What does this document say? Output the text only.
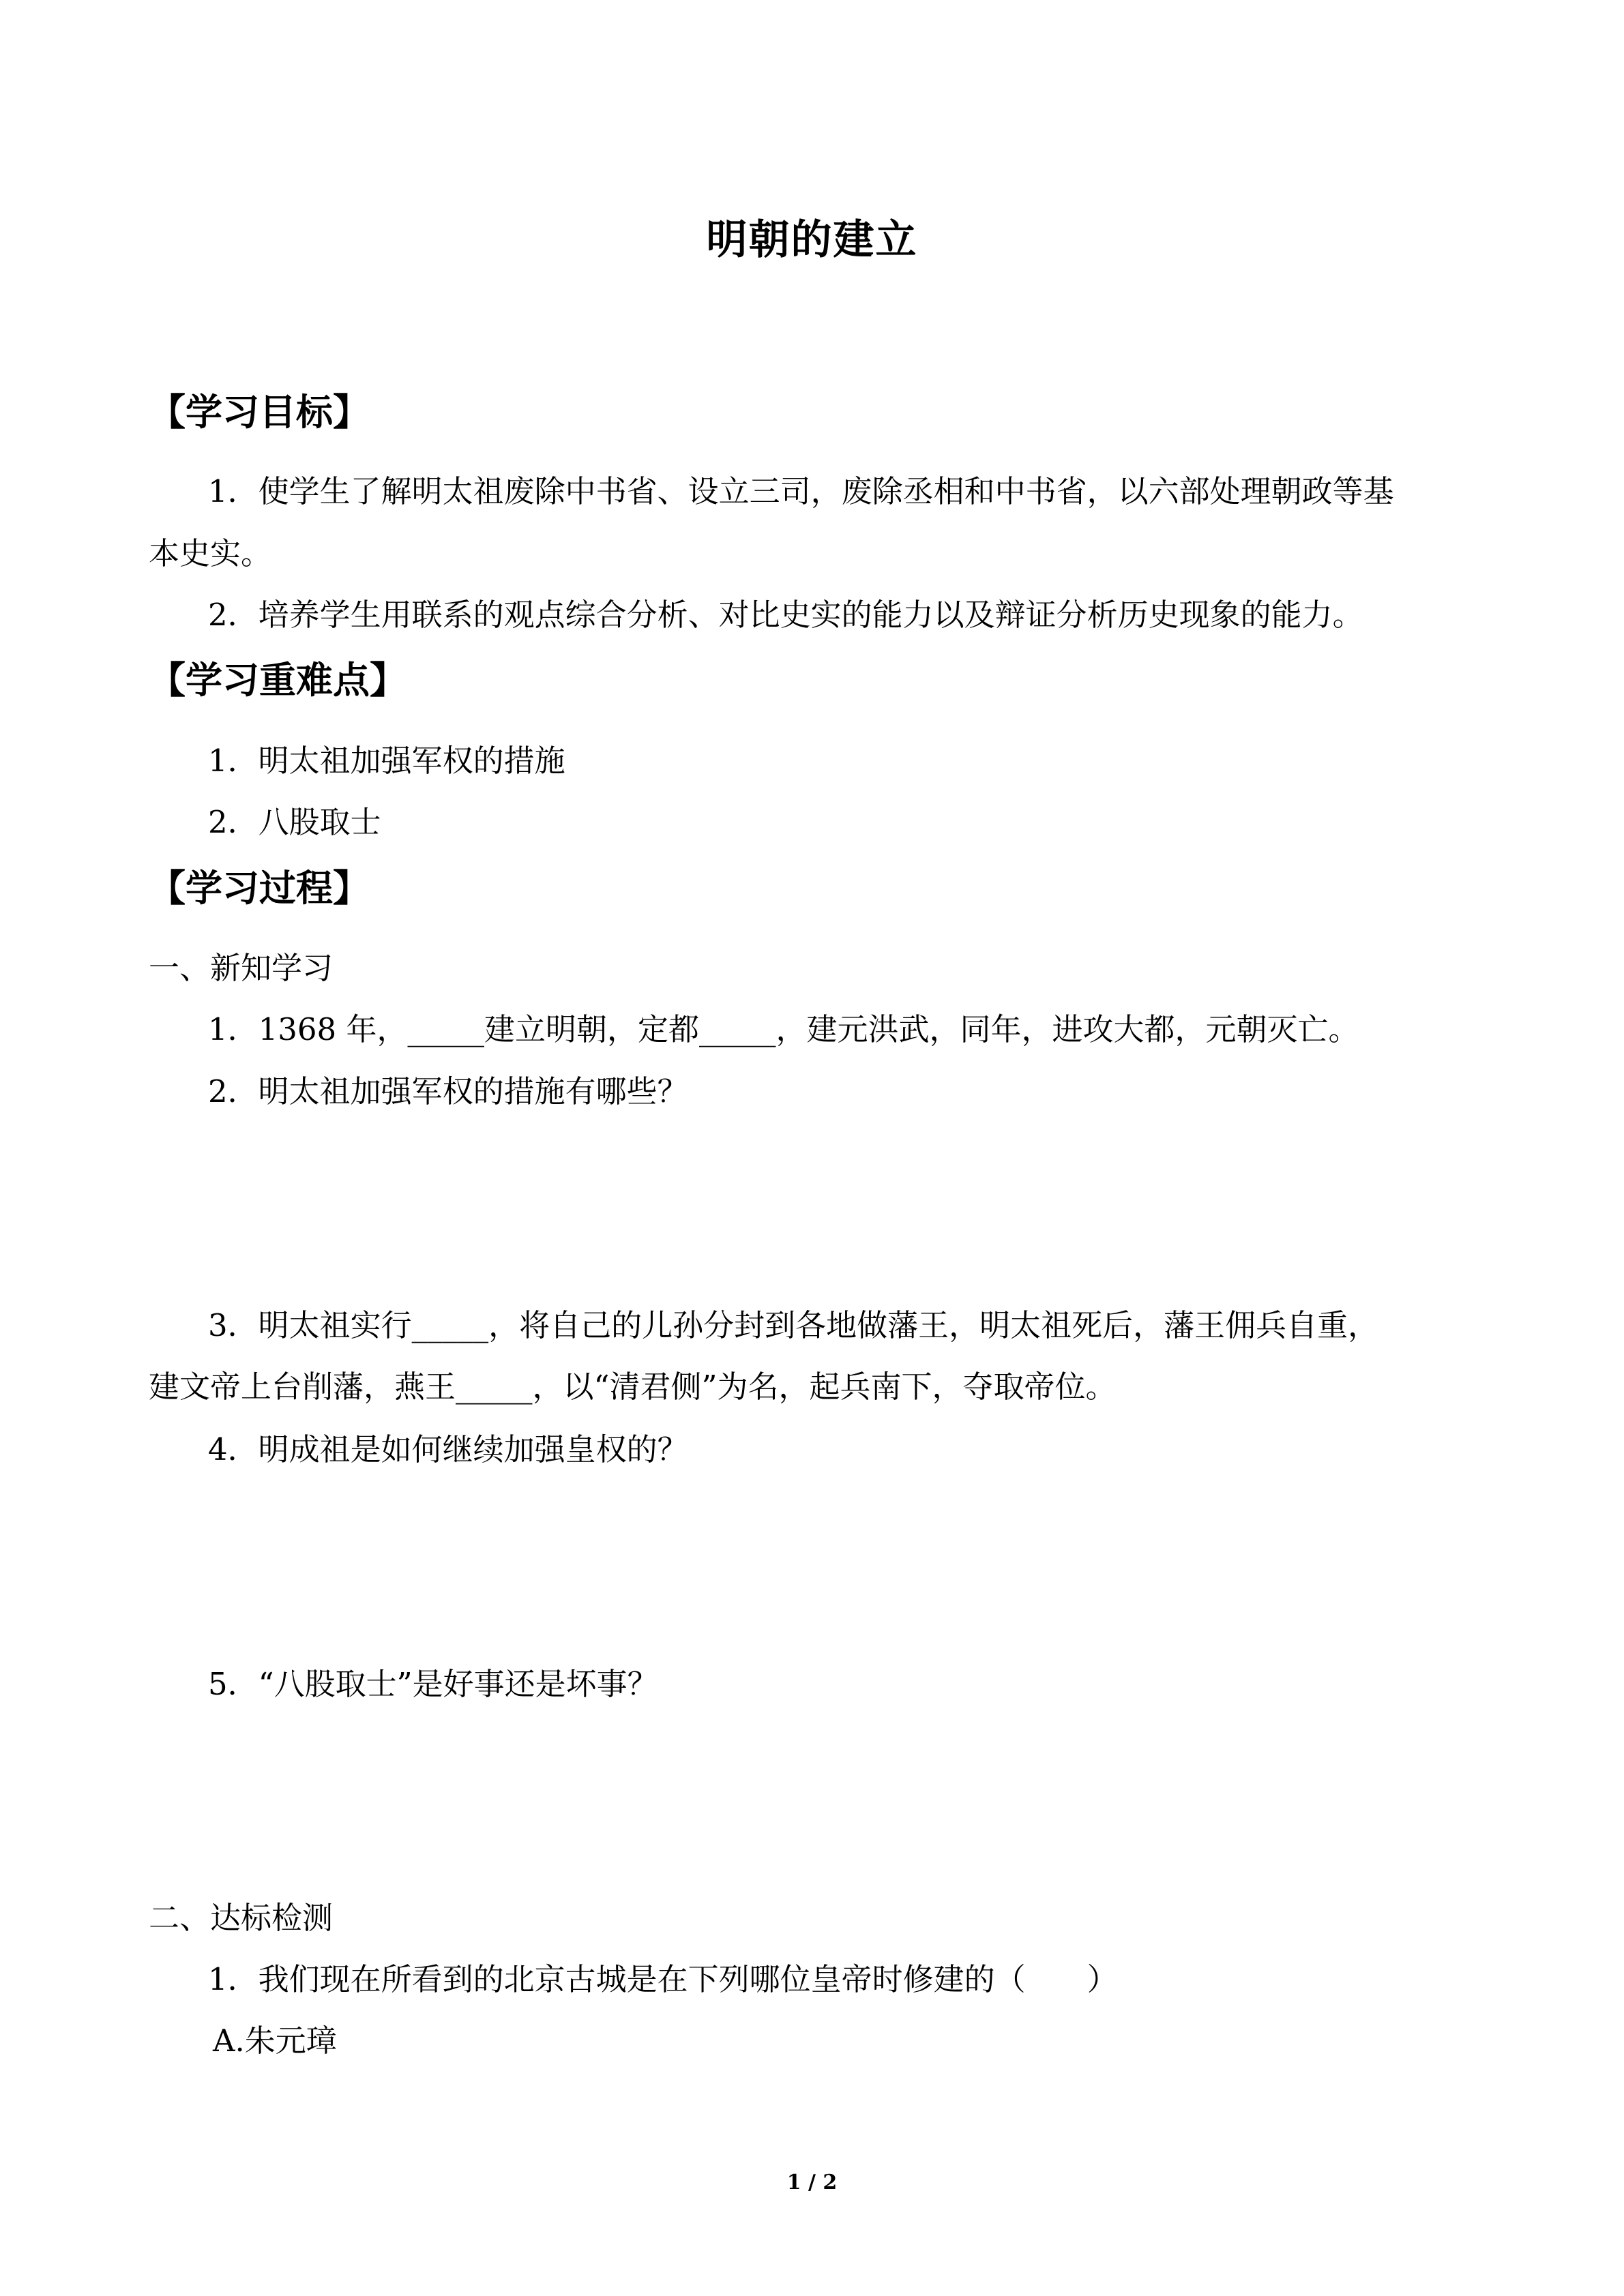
明朝的建立
【学习目标】
1．使学生了解明太祖废除中书省、设立三司，废除丞相和中书省，以六部处理朝政等基
本史实。
2．培养学生用联系的观点综合分析、对比史实的能力以及辩证分析历史现象的能力。
【学习重难点】
1．明太祖加强军权的措施
2．八股取士
【学习过程】
一、新知学习
1．1368 年，_____建立明朝，定都_____，建元洪武，同年，进攻大都，元朝灭亡。
2．明太祖加强军权的措施有哪些？
3．明太祖实行_____，将自己的儿孙分封到各地做藩王，明太祖死后，藩王佣兵自重，
建文帝上台削藩，燕王_____，以“清君侧”为名，起兵南下，夺取帝位。
4．明成祖是如何继续加强皇权的？
5．“八股取士”是好事还是坏事？
二、达标检测
1．我们现在所看到的北京古城是在下列哪位皇帝时修建的（　　）
A.朱元璋
1 / 2
